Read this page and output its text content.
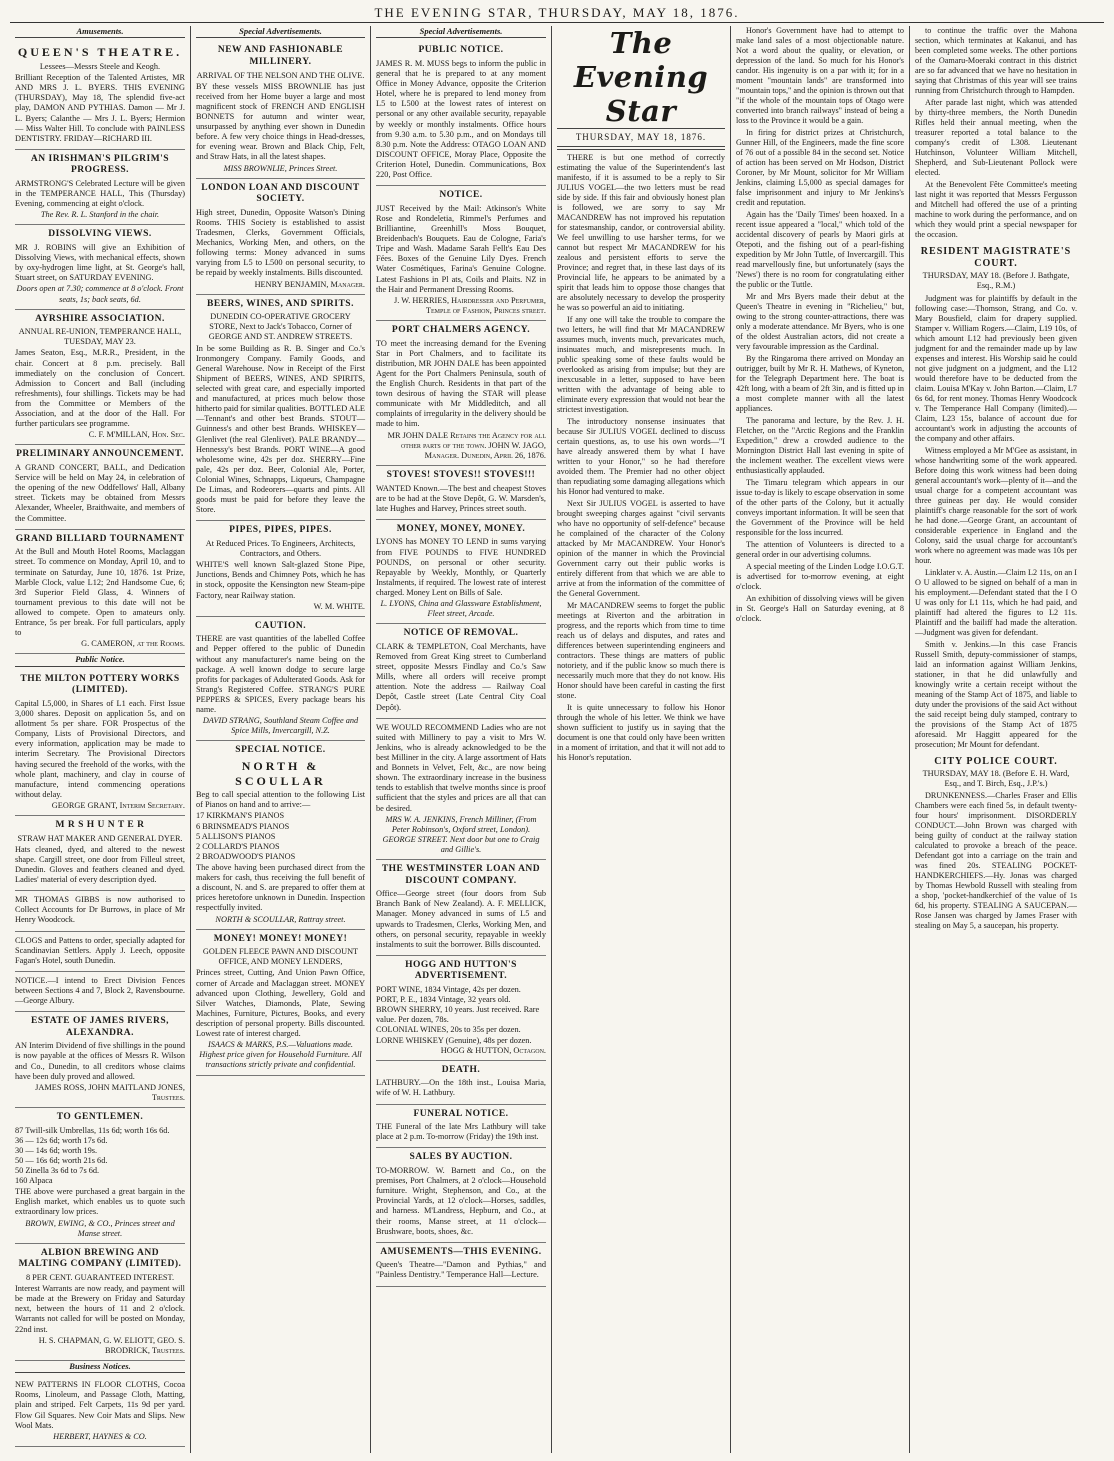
THE EVENING STAR, THURSDAY, MAY 18, 1876.
Amusements.
QUEEN'S THEATRE.
Lessees—Messrs Steele and Keogh.

Brilliant Reception of the Talented Artistes, MR AND MRS J. L. BYERS. THIS EVENING (THURSDAY), May 18, The splendid five-act play, DAMON AND PYTHIAS. Damon — Mr J. L. Byers; Calanthe — Mrs J. L. Byers; Hermion — Miss Walter Hill. To conclude with PAINLESS DENTISTRY. FRIDAY—RICHARD III.

AN IRISHMAN'S PILGRIM'S PROGRESS.

ARMSTRONG'S Celebrated Lecture will be given in the TEMPERANCE HALL, This (Thursday) Evening, commencing at eight o'clock.

The Rev. R. L. Stanford in the chair.
DISSOLVING VIEWS.

MR J. ROBINS will give an Exhibition of Dissolving Views, with mechanical effects, shown by oxy-hydrogen lime light, at St. George's hall, Stuart street, on SATURDAY EVENING.

Doors open at 7.30; commence at 8 o'clock. Front seats, 1s; back seats, 6d.
AYRSHIRE ASSOCIATION.
ANNUAL RE-UNION, TEMPERANCE HALL, TUESDAY, MAY 23.

James Seaton, Esq., M.R.R., President, in the chair. Concert at 8 p.m. precisely. Ball immediately on the conclusion of Concert. Admission to Concert and Ball (including refreshments), four shillings. Tickets may be had from the Committee or Members of the Association, and at the door of the Hall. For further particulars see programme.

C. F. M'MILLAN, Hon. Sec.
PRELIMINARY ANNOUNCEMENT.

A GRAND CONCERT, BALL, and Dedication Service will be held on May 24, in celebration of the opening of the new Oddfellows' Hall, Albany street. Tickets may be obtained from Messrs Alexander, Wheeler, Braithwaite, and members of the Committee.

GRAND BILLIARD TOURNAMENT

At the Bull and Mouth Hotel Rooms, Maclaggan street. To commence on Monday, April 10, and to terminate on Saturday, June 10, 1876. 1st Prize, Marble Clock, value L12; 2nd Handsome Cue, 6; 3rd Superior Field Glass, 4. Winners of tournament previous to this date will not be allowed to compete. Open to amateurs only. Entrance, 5s per break. For full particulars, apply to

G. CAMERON, at the Rooms.
Public Notice.
THE MILTON POTTERY WORKS (LIMITED).

Capital L5,000, in Shares of L1 each. First Issue 3,000 shares. Deposit on application 5s, and on allotment 5s per share. FOR Prospectus of the Company, Lists of Provisional Directors, and every information, application may be made to interim Secretary. The Provisional Directors having secured the freehold of the works, with the whole plant, machinery, and clay in course of manufacture, intend commencing operations without delay.

GEORGE GRANT, Interim Secretary.
M R S H U N T E R
STRAW HAT MAKER AND GENERAL DYER.

Hats cleaned, dyed, and altered to the newest shape. Cargill street, one door from Filleul street, Dunedin. Gloves and feathers cleaned and dyed. Ladies' material of every description dyed.

MR THOMAS GIBBS is now authorised to Collect Accounts for Dr Burrows, in place of Mr Henry Woodcock.

CLOGS and Pattens to order, specially adapted for Scandinavian Settlers. Apply J. Leech, opposite Fagan's Hotel, south Dunedin.

NOTICE.—I intend to Erect Division Fences between Sections 4 and 7, Block 2, Ravensbourne.—George Albury.

ESTATE OF JAMES RIVERS, ALEXANDRA.

AN Interim Dividend of five shillings in the pound is now payable at the offices of Messrs R. Wilson and Co., Dunedin, to all creditors whose claims have been duly proved and allowed.

JAMES ROSS, JOHN MAITLAND JONES, Trustees.
TO GENTLEMEN.
87 Twill-silk Umbrellas, 11s 6d; worth 16s 6d.
36 — 12s 6d; worth 17s 6d.
30 — 14s 6d; worth 19s.
50 — 16s 6d; worth 21s 6d.
50 Zinella 3s 6d to 7s 6d.
160 Alpaca

THE above were purchased a great bargain in the English market, which enables us to quote such extraordinary low prices.

BROWN, EWING, & CO., Princes street and Manse street.
ALBION BREWING AND MALTING COMPANY (LIMITED).
8 PER CENT. GUARANTEED INTEREST.

Interest Warrants are now ready, and payment will be made at the Brewery on Friday and Saturday next, between the hours of 11 and 2 o'clock. Warrants not called for will be posted on Monday, 22nd inst.

H. S. CHAPMAN, G. W. ELIOTT, GEO. S. BRODRICK, Trustees.
Business Notices.

NEW PATTERNS IN FLOOR CLOTHS, Cocoa Rooms, Linoleum, and Passage Cloth, Matting, plain and striped. Felt Carpets, 11s 9d per yard. Flow Gil Squares. New Coir Mats and Slips. New Wool Mats.

HERBERT, HAYNES & CO.
Special Advertisements.
NEW AND FASHIONABLE MILLINERY.
ARRIVAL OF THE NELSON AND THE OLIVE.

BY these vessels MISS BROWNLIE has just received from her Home buyer a large and most magnificent stock of FRENCH AND ENGLISH BONNETS for autumn and winter wear, unsurpassed by anything ever shown in Dunedin before. A few very choice things in Head-dresses, for evening wear. Brown and Black Chip, Felt, and Straw Hats, in all the latest shapes.

MISS BROWNLIE, Princes Street.
LONDON LOAN AND DISCOUNT SOCIETY.

High street, Dunedin, Opposite Watson's Dining Rooms. THIS Society is established to assist Tradesmen, Clerks, Government Officials, Mechanics, Working Men, and others, on the following terms: Money advanced in sums varying from L5 to L500 on personal security, to be repaid by weekly instalments. Bills discounted.

HENRY BENJAMIN, Manager.
BEERS, WINES, AND SPIRITS.
DUNEDIN CO-OPERATIVE GROCERY STORE, Next to Jack's Tobacco, Corner of GEORGE AND ST. ANDREW STREETS.

In be some Building as R. B. Singer and Co.'s Ironmongery Company. Family Goods, and General Warehouse. Now in Receipt of the First Shipment of BEERS, WINES, AND SPIRITS, selected with great care, and especially imported and manufactured, at prices much below those hitherto paid for similar qualities. BOTTLED ALE—Tennant's and other best Brands. STOUT—Guinness's and other best Brands. WHISKEY—Glenlivet (the real Glenlivet). PALE BRANDY—Hennessy's best Brands. PORT WINE—A good wholesome wine, 42s per doz. SHERRY—Fine pale, 42s per doz. Beer, Colonial Ale, Porter, Colonial Wines, Schnapps, Liqueurs, Champagne De Limas, and Rodeorers—quarts and pints. All goods must be paid for before they leave the Store.

PIPES, PIPES, PIPES.
At Reduced Prices. To Engineers, Architects, Contractors, and Others.

WHITE'S well known Salt-glazed Stone Pipe, Junctions, Bends and Chimney Pots, which he has in stock, opposite the Kensington new Steam-pipe Factory, near Railway station.

W. M. WHITE.
CAUTION.

THERE are vast quantities of the labelled Coffee and Pepper offered to the public of Dunedin without any manufacturer's name being on the package. A well known dodge to secure large profits for packages of Adulterated Goods. Ask for Strang's Registered Coffee. STRANG'S PURE PEPPERS & SPICES, Every package bears his name.

DAVID STRANG, Southland Steam Coffee and Spice Mills, Invercargill, N.Z.
SPECIAL NOTICE.
NORTH & SCOULLAR

Beg to call special attention to the following List of Pianos on hand and to arrive:—

17 KIRKMAN'S PIANOS
6 BRINSMEAD'S PIANOS
5 ALLISON'S PIANOS
2 COLLARD'S PIANOS
2 BROADWOOD'S PIANOS

The above having been purchased direct from the makers for cash, thus receiving the full benefit of a discount, N. and S. are prepared to offer them at prices heretofore unknown in Dunedin. Inspection respectfully invited.

NORTH & SCOULLAR, Rattray street.
MONEY! MONEY! MONEY!
GOLDEN FLEECE PAWN AND DISCOUNT OFFICE, AND MONEY LENDERS,

Princes street, Cutting, And Union Pawn Office, corner of Arcade and Maclaggan street. MONEY advanced upon Clothing, Jewellery, Gold and Silver Watches, Diamonds, Plate, Sewing Machines, Furniture, Pictures, Books, and every description of personal property. Bills discounted. Lowest rate of interest charged.

ISAACS & MARKS, P.S.—Valuations made. Highest price given for Household Furniture. All transactions strictly private and confidential.
Special Advertisements.
PUBLIC NOTICE.

JAMES R. M. MUSS begs to inform the public in general that he is prepared to at any moment Office in Money Advance, opposite the Criterion Hotel, where he is prepared to lend money from L5 to L500 at the lowest rates of interest on personal or any other available security, repayable by weekly or monthly instalments. Office hours from 9.30 a.m. to 5.30 p.m., and on Mondays till 8.30 p.m. Note the Address: OTAGO LOAN AND DISCOUNT OFFICE, Moray Place, Opposite the Criterion Hotel, Dunedin. Communications, Box 220, Post Office.

NOTICE.

JUST Received by the Mail: Atkinson's White Rose and Rondeletia, Rimmel's Perfumes and Brilliantine, Greenhill's Moss Bouquet, Breidenbach's Bouquets. Eau de Cologne, Faria's Tripe and Wash. Madame Sarah Fellt's Eau Des Fées. Boxes of the Genuine Lily Dyes. French Water Cosmétiques, Farina's Genuine Cologne. Latest Fashions in Pl ats, Coils and Plaits. NZ in the Hair and Permanent Dressing Rooms.

J. W. HERRIES, Hairdresser and Perfumer, Temple of Fashion, Princes street.
PORT CHALMERS AGENCY.

TO meet the increasing demand for the Evening Star in Port Chalmers, and to facilitate its distribution, MR JOHN DALE has been appointed Agent for the Port Chalmers Peninsula, south of the English Church. Residents in that part of the town desirous of having the STAR will please communicate with Mr Middleditch, and all complaints of irregularity in the delivery should be made to him.

MR JOHN DALE Retains the Agency for all other parts of the town. JOHN W. JAGO, Manager. Dunedin, April 26, 1876.
STOVES! STOVES!! STOVES!!!

WANTED Known.—The best and cheapest Stoves are to be had at the Stove Depôt, G. W. Marsden's, late Hughes and Harvey, Princes street south.

MONEY, MONEY, MONEY.

LYONS has MONEY TO LEND in sums varying from FIVE POUNDS to FIVE HUNDRED POUNDS, on personal or other security. Repayable by Weekly, Monthly, or Quarterly Instalments, if required. The lowest rate of interest charged. Money Lent on Bills of Sale.

L. LYONS, China and Glassware Establishment, Fleet street, Arcade.
NOTICE OF REMOVAL.

CLARK & TEMPLETON, Coal Merchants, have Removed from Great King street to Cumberland street, opposite Messrs Findlay and Co.'s Saw Mills, where all orders will receive prompt attention. Note the address — Railway Coal Depôt, Castle street (Late Central City Coal Depôt).

WE WOULD RECOMMEND Ladies who are not suited with Millinery to pay a visit to Mrs W. Jenkins, who is already acknowledged to be the best Milliner in the city. A large assortment of Hats and Bonnets in Velvet, Felt, &c., are now being shown. The extraordinary increase in the business tends to establish that twelve months since is proof sufficient that the styles and prices are all that can be desired.

MRS W. A. JENKINS, French Milliner, (From Peter Robinson's, Oxford street, London). GEORGE STREET. Next door but one to Craig and Gillie's.
THE WESTMINSTER LOAN AND DISCOUNT COMPANY.

Office—George street (four doors from Sub Branch Bank of New Zealand). A. F. MELLICK, Manager. Money advanced in sums of L5 and upwards to Tradesmen, Clerks, Working Men, and others, on personal security, repayable in weekly instalments to suit the borrower. Bills discounted.

HOGG AND HUTTON'S ADVERTISEMENT.
PORT WINE, 1834 Vintage, 42s per dozen.
PORT, P. E., 1834 Vintage, 32 years old.
BROWN SHERRY, 10 years. Just received. Rare value. Per dozen, 78s.
COLONIAL WINES, 20s to 35s per dozen.
LORNE WHISKEY (Genuine), 48s per dozen.
HOGG & HUTTON, Octagon.
DEATH.

LATHBURY.—On the 18th inst., Louisa Maria, wife of W. H. Lathbury.

FUNERAL NOTICE.

THE Funeral of the late Mrs Lathbury will take place at 2 p.m. To-morrow (Friday) the 19th inst.

SALES BY AUCTION.

TO-MORROW. W. Barnett and Co., on the premises, Port Chalmers, at 2 o'clock—Household furniture. Wright, Stephenson, and Co., at the Provincial Yards, at 12 o'clock—Horses, saddles, and harness. M'Landress, Hepburn, and Co., at their rooms, Manse street, at 11 o'clock—Brushware, boots, shoes, &c.

AMUSEMENTS—THIS EVENING.

Queen's Theatre—"Damon and Pythias," and "Painless Dentistry." Temperance Hall—Lecture.

The Evening Star
THURSDAY, MAY 18, 1876.

THERE is but one method of correctly estimating the value of the Superintendent's last manifesto, if it is assumed to be a reply to Sir JULIUS VOGEL—the two letters must be read side by side. If this fair and obviously honest plan is followed, we are sorry to say Mr MACANDREW has not improved his reputation for statesmanship, candor, or controversial ability. We feel unwilling to use harsher terms, for we cannot but respect Mr MACANDREW for his zealous and persistent efforts to serve the Province; and regret that, in these last days of its Provincial life, he appears to be animated by a spirit that leads him to oppose those changes that are absolutely necessary to develop the prosperity he was so powerful an aid to initiating.

If any one will take the trouble to compare the two letters, he will find that Mr MACANDREW assumes much, invents much, prevaricates much, insinuates much, and misrepresents much. In public speaking some of these faults would be overlooked as arising from impulse; but they are inexcusable in a letter, supposed to have been written with the advantage of being able to eliminate every expression that would not bear the strictest investigation.

The introductory nonsense insinuates that because Sir JULIUS VOGEL declined to discuss certain questions, as, to use his own words—"I have already answered them by what I have written to your Honor," so he had therefore avoided them. The Premier had no other object than repudiating some damaging allegations which his Honor had ventured to make.

Next Sir JULIUS VOGEL is asserted to have brought sweeping charges against "civil servants who have no opportunity of self-defence" because he complained of the character of the Colony attacked by Mr MACANDREW. Your Honor's opinion of the manner in which the Provincial Government carry out their public works is entirely different from that which we are able to arrive at from the information of the committee of the General Government.

Mr MACANDREW seems to forget the public meetings at Riverton and the arbitration in progress, and the reports which from time to time reach us of delays and disputes, and rates and differences between superintending engineers and contractors. These things are matters of public notoriety, and if the public know so much there is necessarily much more that they do not know. His Honor should have been careful in casting the first stone.

It is quite unnecessary to follow his Honor through the whole of his letter. We think we have shown sufficient to justify us in saying that the document is one that could only have been written in a moment of irritation, and that it will not add to his Honor's reputation.

Honor's Government have had to attempt to make land sales of a most objectionable nature. Not a word about the quality, or elevation, or depression of the land. So much for his Honor's candor. His ingenuity is on a par with it; for in a moment "mountain lands" are transformed into "mountain tops," and the opinion is thrown out that "if the whole of the mountain tops of Otago were converted into branch railways" instead of being a loss to the Province it would be a gain.

In firing for district prizes at Christchurch, Gunner Hill, of the Engineers, made the fine score of 76 out of a possible 84 in the second set. Notice of action has been served on Mr Hodson, District Coroner, by Mr Mount, solicitor for Mr William Jenkins, claiming L5,000 as special damages for false imprisonment and injury to Mr Jenkins's credit and reputation.

Again has the 'Daily Times' been hoaxed. In a recent issue appeared a "local," which told of the accidental discovery of pearls by Maori girls at Otepoti, and the fishing out of a pearl-fishing expedition by Mr John Tuttle, of Invercargill. This read marvellously fine, but unfortunately (says the 'News') there is no room for congratulating either the public or the Tuttle.

Mr and Mrs Byers made their debut at the Queen's Theatre in evening in "Richelieu," but, owing to the strong counter-attractions, there was only a moderate attendance. Mr Byers, who is one of the oldest Australian actors, did not create a very favourable impression as the Cardinal.

By the Ringaroma there arrived on Monday an outrigger, built by Mr R. H. Mathews, of Kyneton, for the Telegraph Department here. The boat is 42ft long, with a beam of 2ft 3in, and is fitted up in a most complete manner with all the latest appliances.

The panorama and lecture, by the Rev. J. H. Fletcher, on the "Arctic Regions and the Franklin Expedition," drew a crowded audience to the Mornington District Hall last evening in spite of the inclement weather. The excellent views were enthusiastically applauded.

The Timaru telegram which appears in our issue to-day is likely to escape observation in some of the other parts of the Colony, but it actually conveys important information. It will be seen that the Government of the Province will be held responsible for the loss incurred.

The attention of Volunteers is directed to a general order in our advertising columns.

A special meeting of the Linden Lodge I.O.G.T. is advertised for to-morrow evening, at eight o'clock.

An exhibition of dissolving views will be given in St. George's Hall on Saturday evening, at 8 o'clock.

to continue the traffic over the Mahona section, which terminates at Kakanui, and has been completed some weeks. The other portions of the Oamaru-Moeraki contract in this district are so far advanced that we have no hesitation in saying that Christmas of this year will see trains running from Christchurch through to Hampden.

After parade last night, which was attended by thirty-three members, the North Dunedin Rifles held their annual meeting, when the treasurer reported a total balance to the company's credit of L308. Lieutenant Hutchinson, Volunteer William Mitchell, Shepherd, and Sub-Lieutenant Pollock were elected.

At the Benevolent Fête Committee's meeting last night it was reported that Messrs Fergusson and Mitchell had offered the use of a printing machine to work during the performance, and on which they would print a special newspaper for the occasion.

RESIDENT MAGISTRATE'S COURT.
THURSDAY, MAY 18. (Before J. Bathgate, Esq., R.M.)

Judgment was for plaintiffs by default in the following case:—Thomson, Strang, and Co. v. Mary Bousfield, claim for drapery supplied. Stamper v. William Rogers.—Claim, L19 10s, of which amount L12 had previously been given judgment for and the remainder made up by law expenses and interest. His Worship said he could not give judgment on a judgment, and the L12 would therefore have to be deducted from the claim. Louisa M'Kay v. John Barton.—Claim, L7 6s 6d, for rent money. Thomas Henry Woodcock v. The Temperance Hall Company (limited).—Claim, L23 15s, balance of account due for accountant's work in adjusting the accounts of the company and other affairs.

Witness employed a Mr M'Gee as assistant, in whose handwriting some of the work appeared. Before doing this work witness had been doing general accountant's work—plenty of it—and the usual charge for a competent accountant was three guineas per day. He would consider plaintiff's charge reasonable for the sort of work he had done.—George Grant, an accountant of considerable experience in England and the Colony, said the usual charge for accountant's work where no agreement was made was 10s per hour.

Linklater v. A. Austin.—Claim L2 11s, on an I O U allowed to be signed on behalf of a man in his employment.—Defendant stated that the I O U was only for L1 11s, which he had paid, and plaintiff had altered the figures to L2 11s. Plaintiff and the bailiff had made the alteration.—Judgment was given for defendant.

Smith v. Jenkins.—In this case Francis Russell Smith, deputy-commissioner of stamps, laid an information against William Jenkins, stationer, in that he did unlawfully and knowingly write a certain receipt without the meaning of the Stamp Act of 1875, and liable to duty under the provisions of the said Act without the said receipt being duly stamped, contrary to the provisions of the Stamp Act of 1875 aforesaid. Mr Haggitt appeared for the prosecution; Mr Mount for defendant.

CITY POLICE COURT.
THURSDAY, MAY 18. (Before E. H. Ward, Esq., and T. Birch, Esq., J.P.'s.)

DRUNKENNESS.—Charles Fraser and Ellis Chambers were each fined 5s, in default twenty-four hours' imprisonment. DISORDERLY CONDUCT.—John Brown was charged with being guilty of conduct at the railway station calculated to provoke a breach of the peace. Defendant got into a carriage on the train and was fined 20s. STEALING POCKET-HANDKERCHIEFS.—Hy. Jonas was charged by Thomas Hewbold Russell with stealing from a shop, 'pocket-handkerchief of the value of 1s 6d, his property. STEALING A SAUCEPAN.—Rose Jansen was charged by James Fraser with stealing on May 5, a saucepan, his property.
